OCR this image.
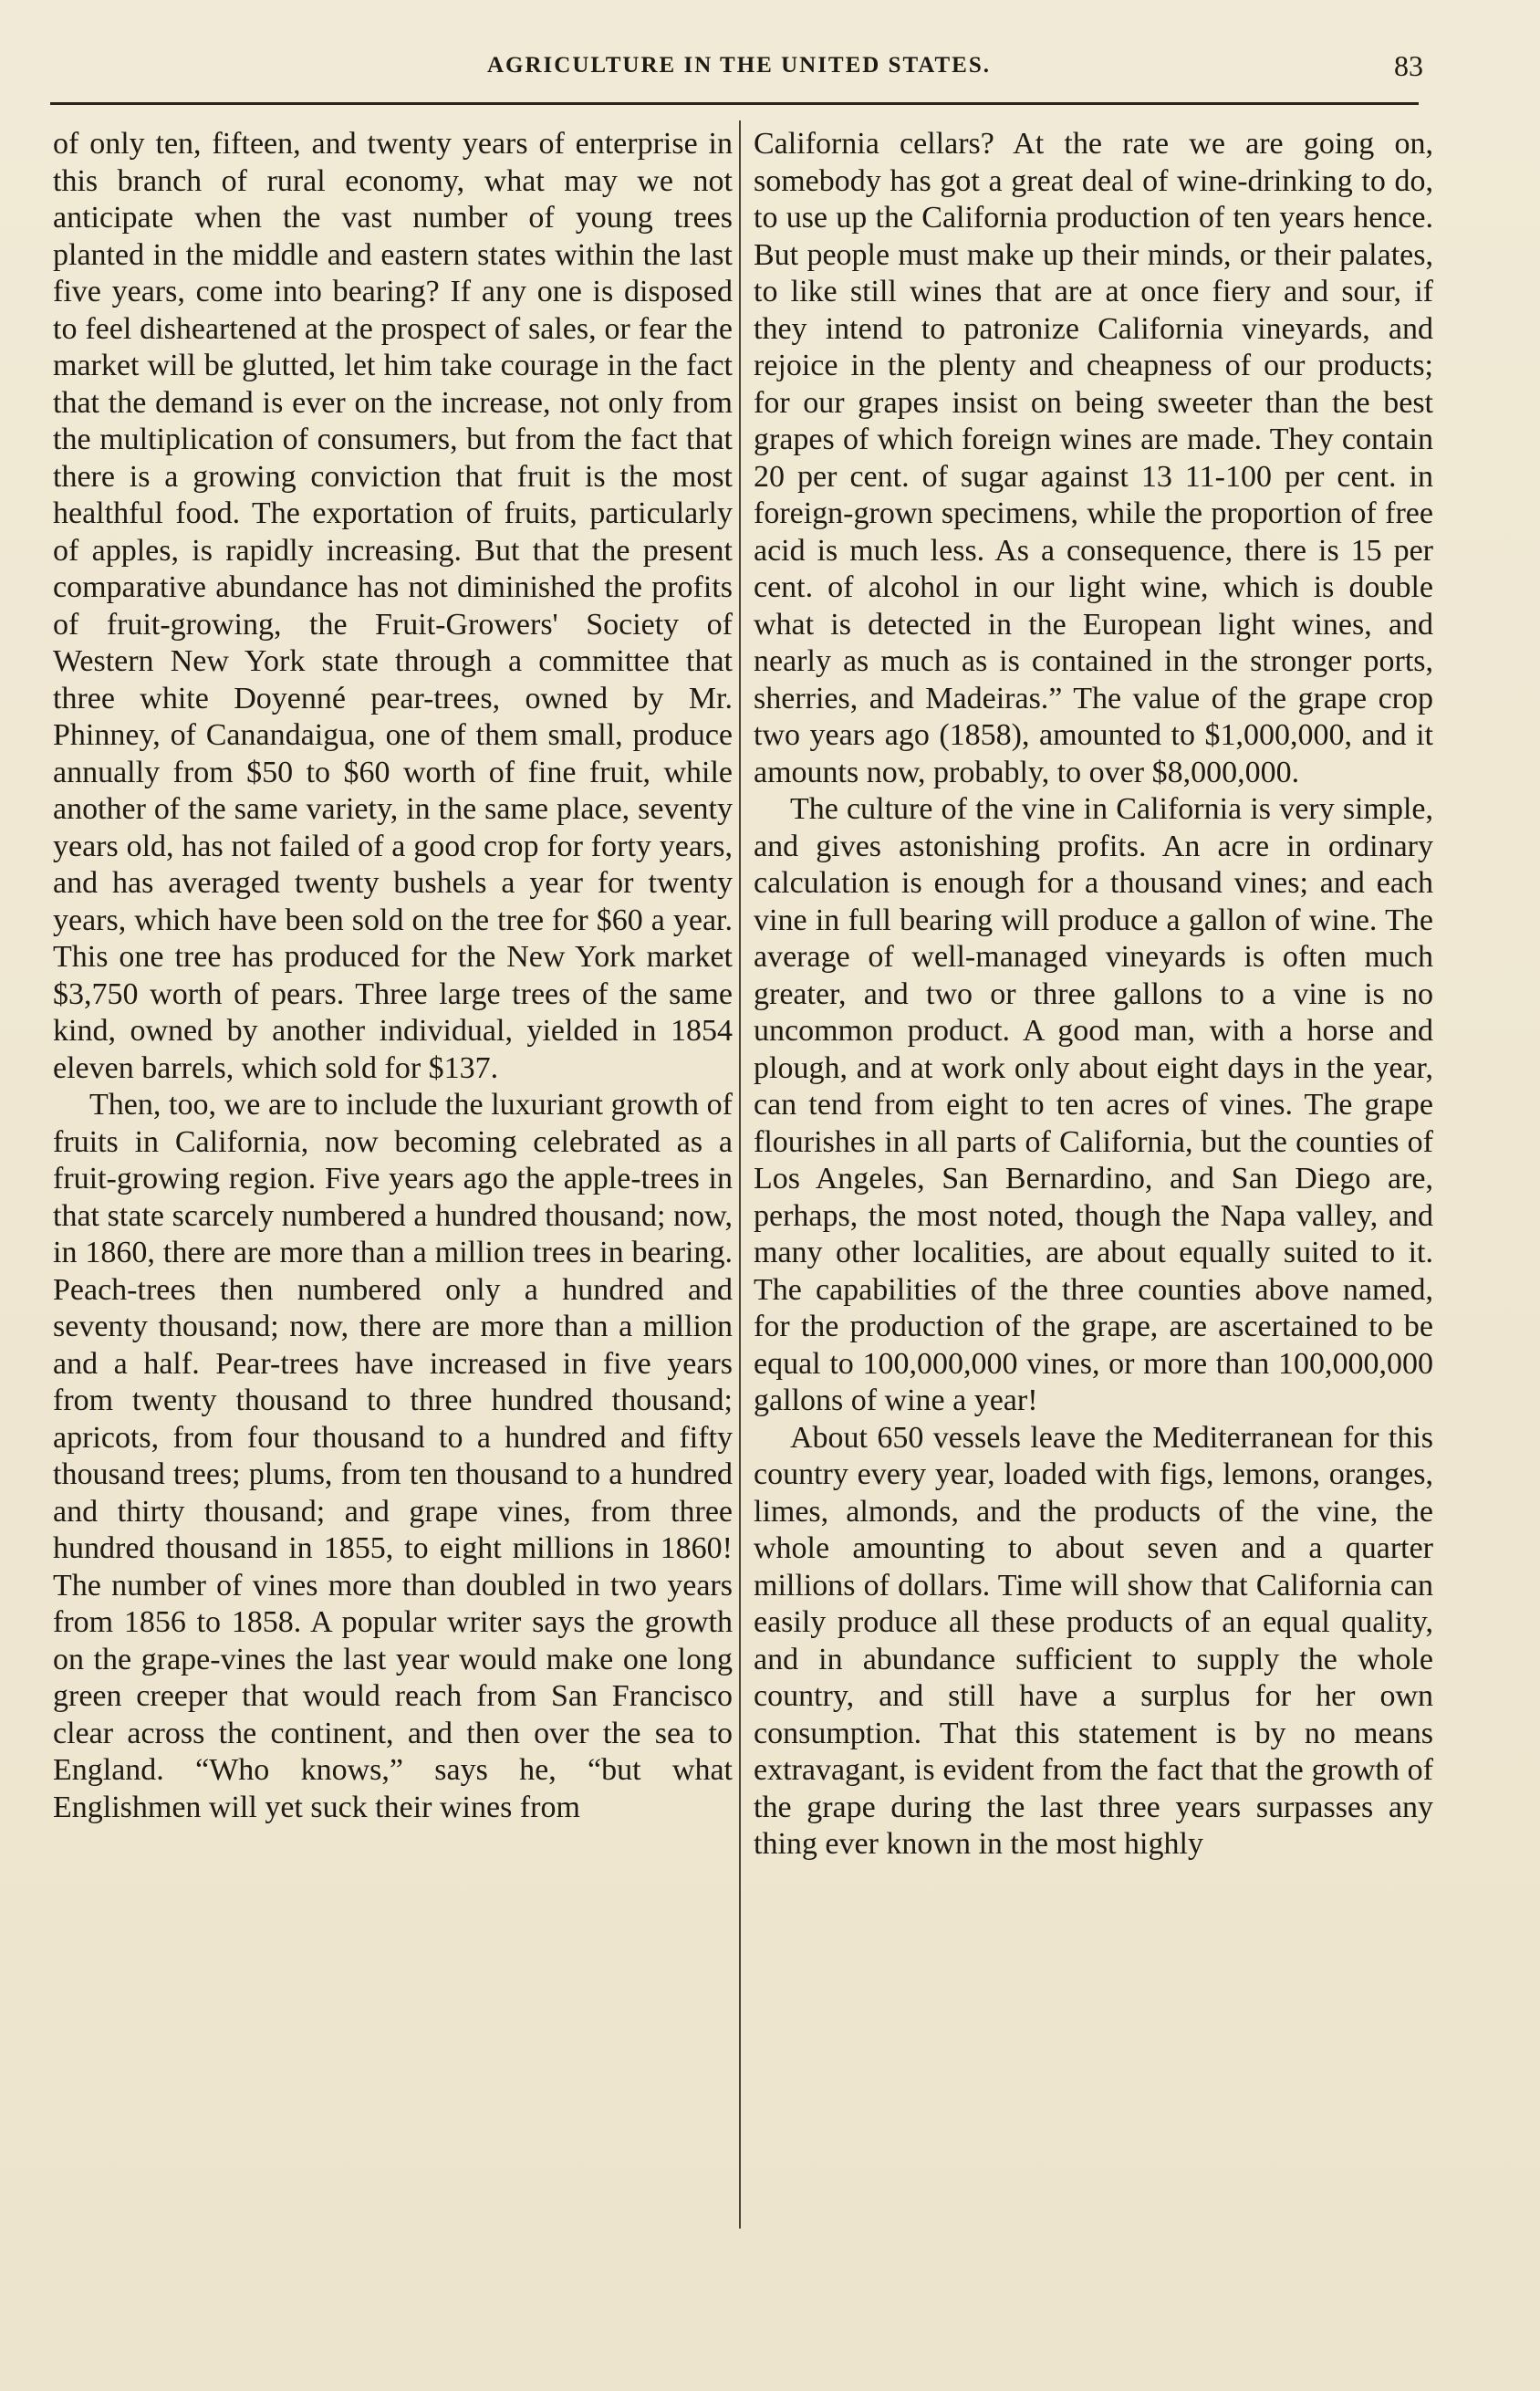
AGRICULTURE IN THE UNITED STATES.	83

of only ten, fifteen, and twenty years of enterprise in this branch of rural economy, what may we not anticipate when the vast number of young trees planted in the middle and eastern states within the last five years, come into bearing? If any one is disposed to feel disheartened at the prospect of sales, or fear the market will be glutted, let him take courage in the fact that the demand is ever on the increase, not only from the multiplication of consumers, but from the fact that there is a growing conviction that fruit is the most healthful food. The exportation of fruits, particularly of apples, is rapidly increasing. But that the present comparative abundance has not diminished the profits of fruit-growing, the Fruit-Growers' Society of Western New York state through a committee that three white Doyenné pear-trees, owned by Mr. Phinney, of Canandaigua, one of them small, produce annually from $50 to $60 worth of fine fruit, while another of the same variety, in the same place, seventy years old, has not failed of a good crop for forty years, and has averaged twenty bushels a year for twenty years, which have been sold on the tree for $60 a year. This one tree has produced for the New York market $3,750 worth of pears. Three large trees of the same kind, owned by another individual, yielded in 1854 eleven barrels, which sold for $137.

Then, too, we are to include the luxuriant growth of fruits in California, now becoming celebrated as a fruit-growing region. Five years ago the apple-trees in that state scarcely numbered a hundred thousand; now, in 1860, there are more than a million trees in bearing. Peach-trees then numbered only a hundred and seventy thousand; now, there are more than a million and a half. Pear-trees have increased in five years from twenty thousand to three hundred thousand; apricots, from four thousand to a hundred and fifty thousand trees; plums, from ten thousand to a hundred and thirty thousand; and grape vines, from three hundred thousand in 1855, to eight millions in 1860! The number of vines more than doubled in two years from 1856 to 1858. A popular writer says the growth on the grape-vines the last year would make one long green creeper that would reach from San Francisco clear across the continent, and then over the sea to England. “Who knows,” says he, “but what Englishmen will yet suck their wines from

California cellars? At the rate we are going on, somebody has got a great deal of wine-drinking to do, to use up the California production of ten years hence. But people must make up their minds, or their palates, to like still wines that are at once fiery and sour, if they intend to patronize California vineyards, and rejoice in the plenty and cheapness of our products; for our grapes insist on being sweeter than the best grapes of which foreign wines are made. They contain 20 per cent. of sugar against 13 11-100 per cent. in foreign-grown specimens, while the proportion of free acid is much less. As a consequence, there is 15 per cent. of alcohol in our light wine, which is double what is detected in the European light wines, and nearly as much as is contained in the stronger ports, sherries, and Madeiras.” The value of the grape crop two years ago (1858), amounted to $1,000,000, and it amounts now, probably, to over $8,000,000.

The culture of the vine in California is very simple, and gives astonishing profits. An acre in ordinary calculation is enough for a thousand vines; and each vine in full bearing will produce a gallon of wine. The average of well-managed vineyards is often much greater, and two or three gallons to a vine is no uncommon product. A good man, with a horse and plough, and at work only about eight days in the year, can tend from eight to ten acres of vines. The grape flourishes in all parts of California, but the counties of Los Angeles, San Bernardino, and San Diego are, perhaps, the most noted, though the Napa valley, and many other localities, are about equally suited to it. The capabilities of the three counties above named, for the production of the grape, are ascertained to be equal to 100,000,000 vines, or more than 100,000,000 gallons of wine a year!

About 650 vessels leave the Mediterranean for this country every year, loaded with figs, lemons, oranges, limes, almonds, and the products of the vine, the whole amounting to about seven and a quarter millions of dollars. Time will show that California can easily produce all these products of an equal quality, and in abundance sufficient to supply the whole country, and still have a surplus for her own consumption. That this statement is by no means extravagant, is evident from the fact that the growth of the grape during the last three years surpasses any thing ever known in the most highly
